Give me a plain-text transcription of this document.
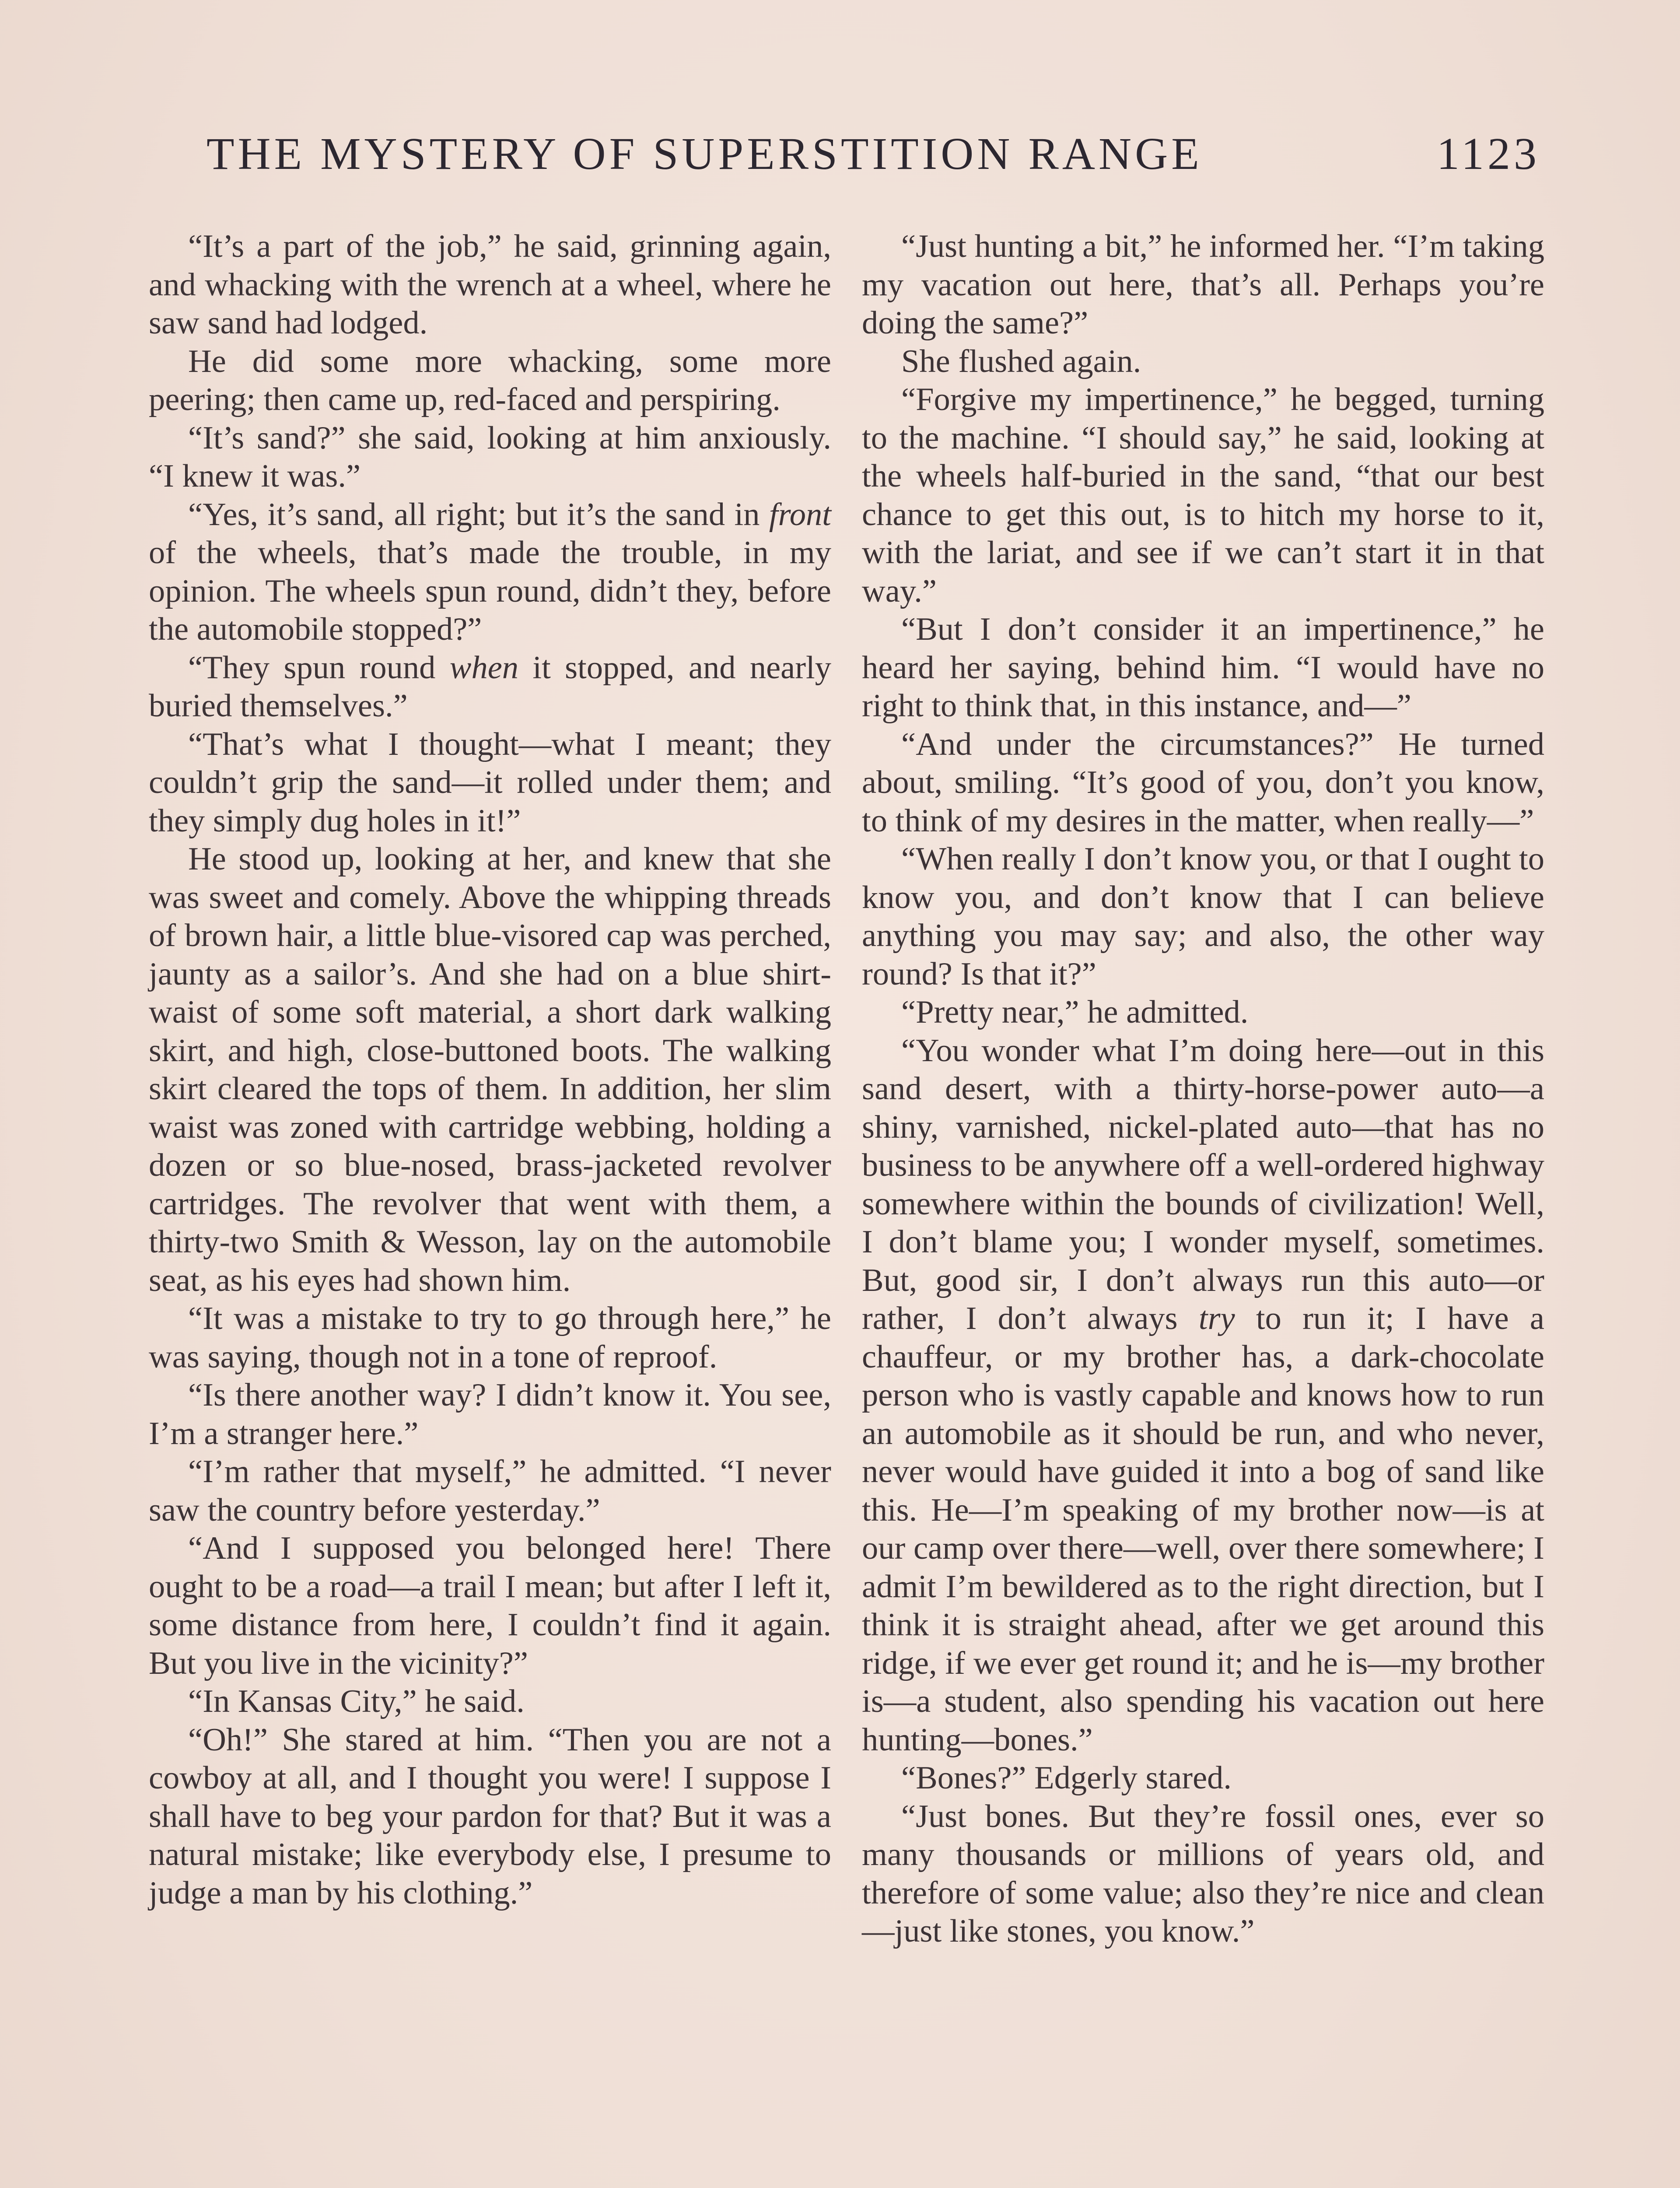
THE MYSTERY OF SUPERSTITION RANGE	1123

“It’s a part of the job,” he said, grinning again, and whacking with the wrench at a wheel, where he saw sand had lodged.

He did some more whacking, some more peering; then came up, red-faced and perspiring.

“It’s sand?” she said, looking at him anxiously. “I knew it was.”

“Yes, it’s sand, all right; but it’s the sand in front of the wheels, that’s made the trouble, in my opinion. The wheels spun round, didn’t they, before the automobile stopped?”

“They spun round when it stopped, and nearly buried themselves.”

“That’s what I thought—what I meant; they couldn’t grip the sand—it rolled under them; and they simply dug holes in it!”

He stood up, looking at her, and knew that she was sweet and comely. Above the whipping threads of brown hair, a little blue-visored cap was perched, jaunty as a sailor’s. And she had on a blue shirt-waist of some soft material, a short dark walking skirt, and high, close-buttoned boots. The walking skirt cleared the tops of them. In addition, her slim waist was zoned with cartridge webbing, holding a dozen or so blue-nosed, brass-jacketed revolver cartridges. The revolver that went with them, a thirty-two Smith & Wesson, lay on the automobile seat, as his eyes had shown him.

“It was a mistake to try to go through here,” he was saying, though not in a tone of reproof.

“Is there another way? I didn’t know it. You see, I’m a stranger here.”

“I’m rather that myself,” he admitted. “I never saw the country before yesterday.”

“And I supposed you belonged here! There ought to be a road—a trail I mean; but after I left it, some distance from here, I couldn’t find it again. But you live in the vicinity?”

“In Kansas City,” he said.

“Oh!” She stared at him. “Then you are not a cowboy at all, and I thought you were! I suppose I shall have to beg your pardon for that? But it was a natural mistake; like everybody else, I presume to judge a man by his clothing.”

“Just hunting a bit,” he informed her. “I’m taking my vacation out here, that’s all. Perhaps you’re doing the same?”

She flushed again.

“Forgive my impertinence,” he begged, turning to the machine. “I should say,” he said, looking at the wheels half-buried in the sand, “that our best chance to get this out, is to hitch my horse to it, with the lariat, and see if we can’t start it in that way.”

“But I don’t consider it an impertinence,” he heard her saying, behind him. “I would have no right to think that, in this instance, and—”

“And under the circumstances?” He turned about, smiling. “It’s good of you, don’t you know, to think of my desires in the matter, when really—”

“When really I don’t know you, or that I ought to know you, and don’t know that I can believe anything you may say; and also, the other way round? Is that it?”

“Pretty near,” he admitted.

“You wonder what I’m doing here—out in this sand desert, with a thirty-horse-power auto—a shiny, varnished, nickel-plated auto—that has no business to be anywhere off a well-ordered highway somewhere within the bounds of civilization! Well, I don’t blame you; I wonder myself, sometimes. But, good sir, I don’t always run this auto—or rather, I don’t always try to run it; I have a chauffeur, or my brother has, a dark-chocolate person who is vastly capable and knows how to run an automobile as it should be run, and who never, never would have guided it into a bog of sand like this. He—I’m speaking of my brother now—is at our camp over there—well, over there somewhere; I admit I’m bewildered as to the right direction, but I think it is straight ahead, after we get around this ridge, if we ever get round it; and he is—my brother is—a student, also spending his vacation out here hunting—bones.”

“Bones?” Edgerly stared.

“Just bones. But they’re fossil ones, ever so many thousands or millions of years old, and therefore of some value; also they’re nice and clean—just like stones, you know.”
